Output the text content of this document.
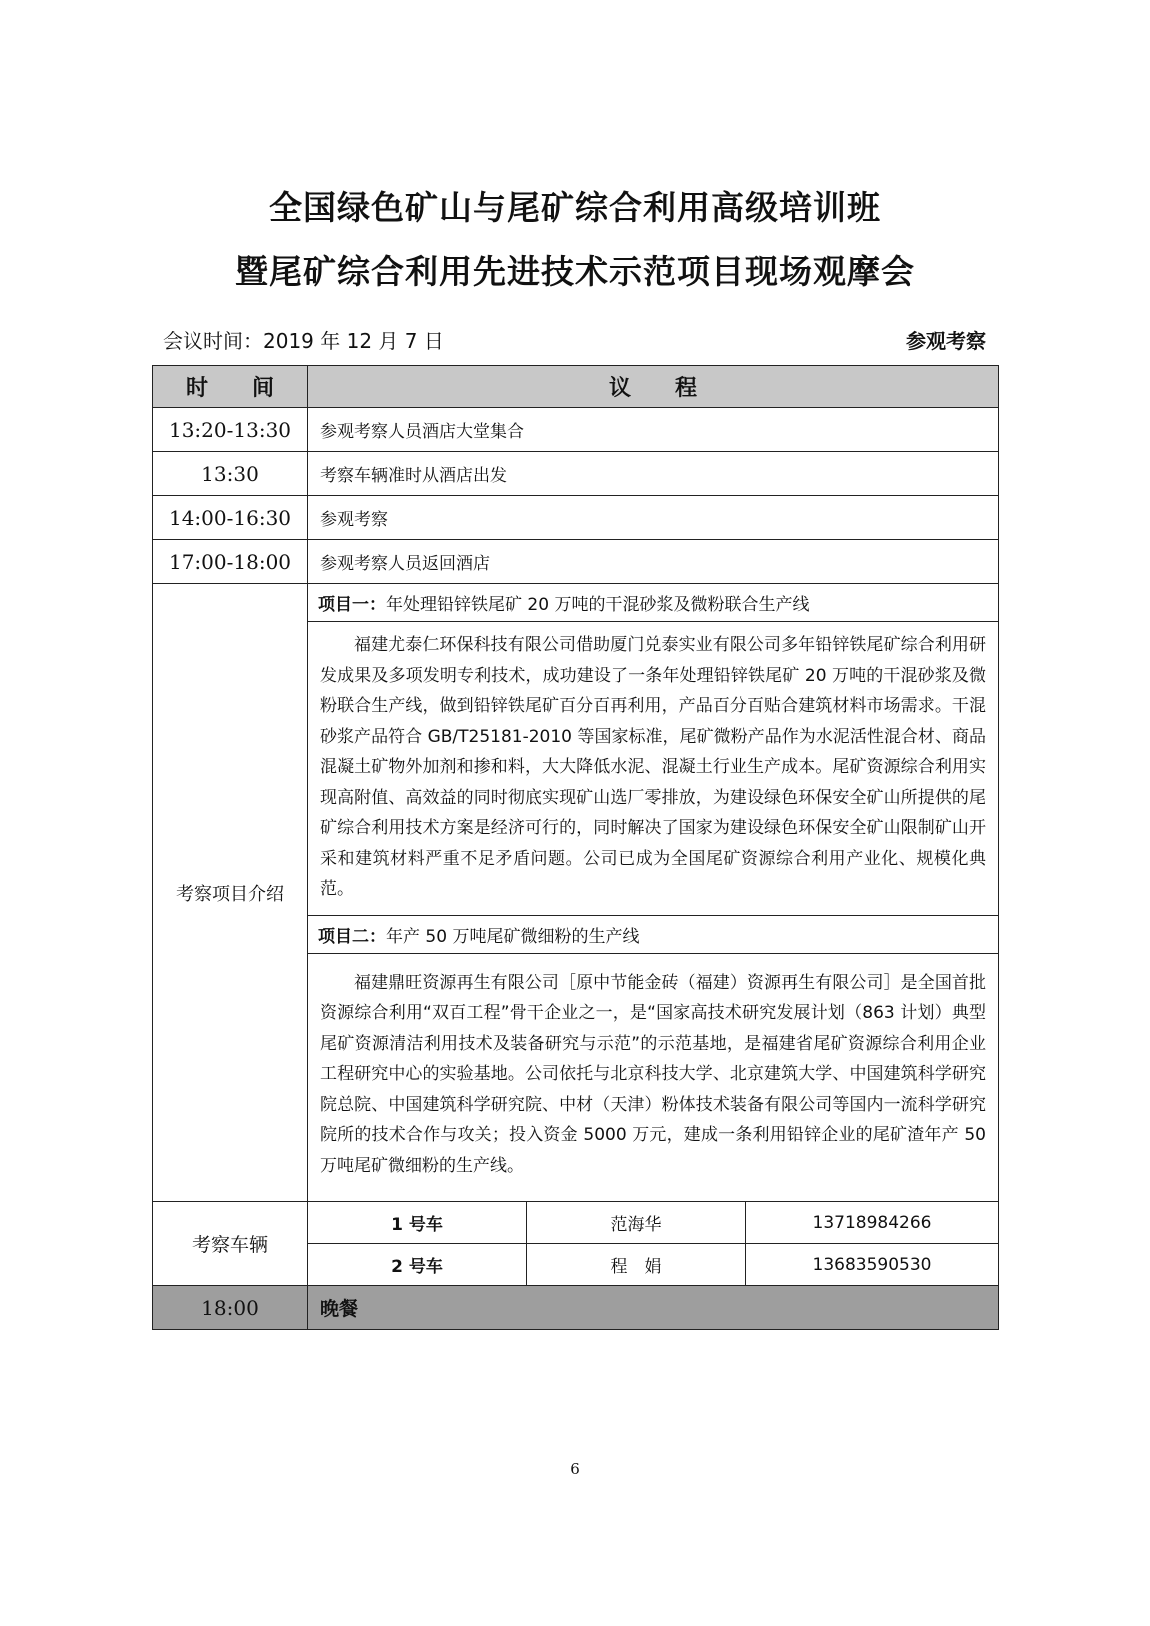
全国绿色矿山与尾矿综合利用高级培训班
暨尾矿综合利用先进技术示范项目现场观摩会
会议时间：2019 年 12 月 7 日	参观考察
时　　间	议　　程		
13:20-13:30	参观考察人员酒店大堂集合		
13:30	考察车辆准时从酒店出发		
14:00-16:30	参观考察		
17:00-18:00	参观考察人员返回酒店		
考察项目介绍	项目一：年处理铅锌铁尾矿 20 万吨的干混砂浆及微粉联合生产线		
	福建尤泰仁环保科技有限公司借助厦门兑泰实业有限公司多年铅锌铁尾矿综合利用研发成果及多项发明专利技术，成功建设了一条年处理铅锌铁尾矿 20 万吨的干混砂浆及微粉联合生产线，做到铅锌铁尾矿百分百再利用，产品百分百贴合建筑材料市场需求。干混砂浆产品符合 GB/T25181-2010 等国家标准，尾矿微粉产品作为水泥活性混合材、商品混凝土矿物外加剂和掺和料，大大降低水泥、混凝土行业生产成本。尾矿资源综合利用实现高附值、高效益的同时彻底实现矿山选厂零排放，为建设绿色环保安全矿山所提供的尾矿综合利用技术方案是经济可行的，同时解决了国家为建设绿色环保安全矿山限制矿山开采和建筑材料严重不足矛盾问题。公司已成为全国尾矿资源综合利用产业化、规模化典范。		
	项目二：年产 50 万吨尾矿微细粉的生产线		
	福建鼎旺资源再生有限公司［原中节能金砖（福建）资源再生有限公司］是全国首批资源综合利用“双百工程”骨干企业之一，是“国家高技术研究发展计划（863 计划）典型尾矿资源清洁利用技术及装备研究与示范”的示范基地，是福建省尾矿资源综合利用企业工程研究中心的实验基地。公司依托与北京科技大学、北京建筑大学、中国建筑科学研究院总院、中国建筑科学研究院、中材（天津）粉体技术装备有限公司等国内一流科学研究院所的技术合作与攻关；投入资金 5000 万元，建成一条利用铅锌企业的尾矿渣年产 50 万吨尾矿微细粉的生产线。		
考察车辆	1 号车	范海华	13718984266
	2 号车	程　娟	13683590530
18:00	晚餐		
6
